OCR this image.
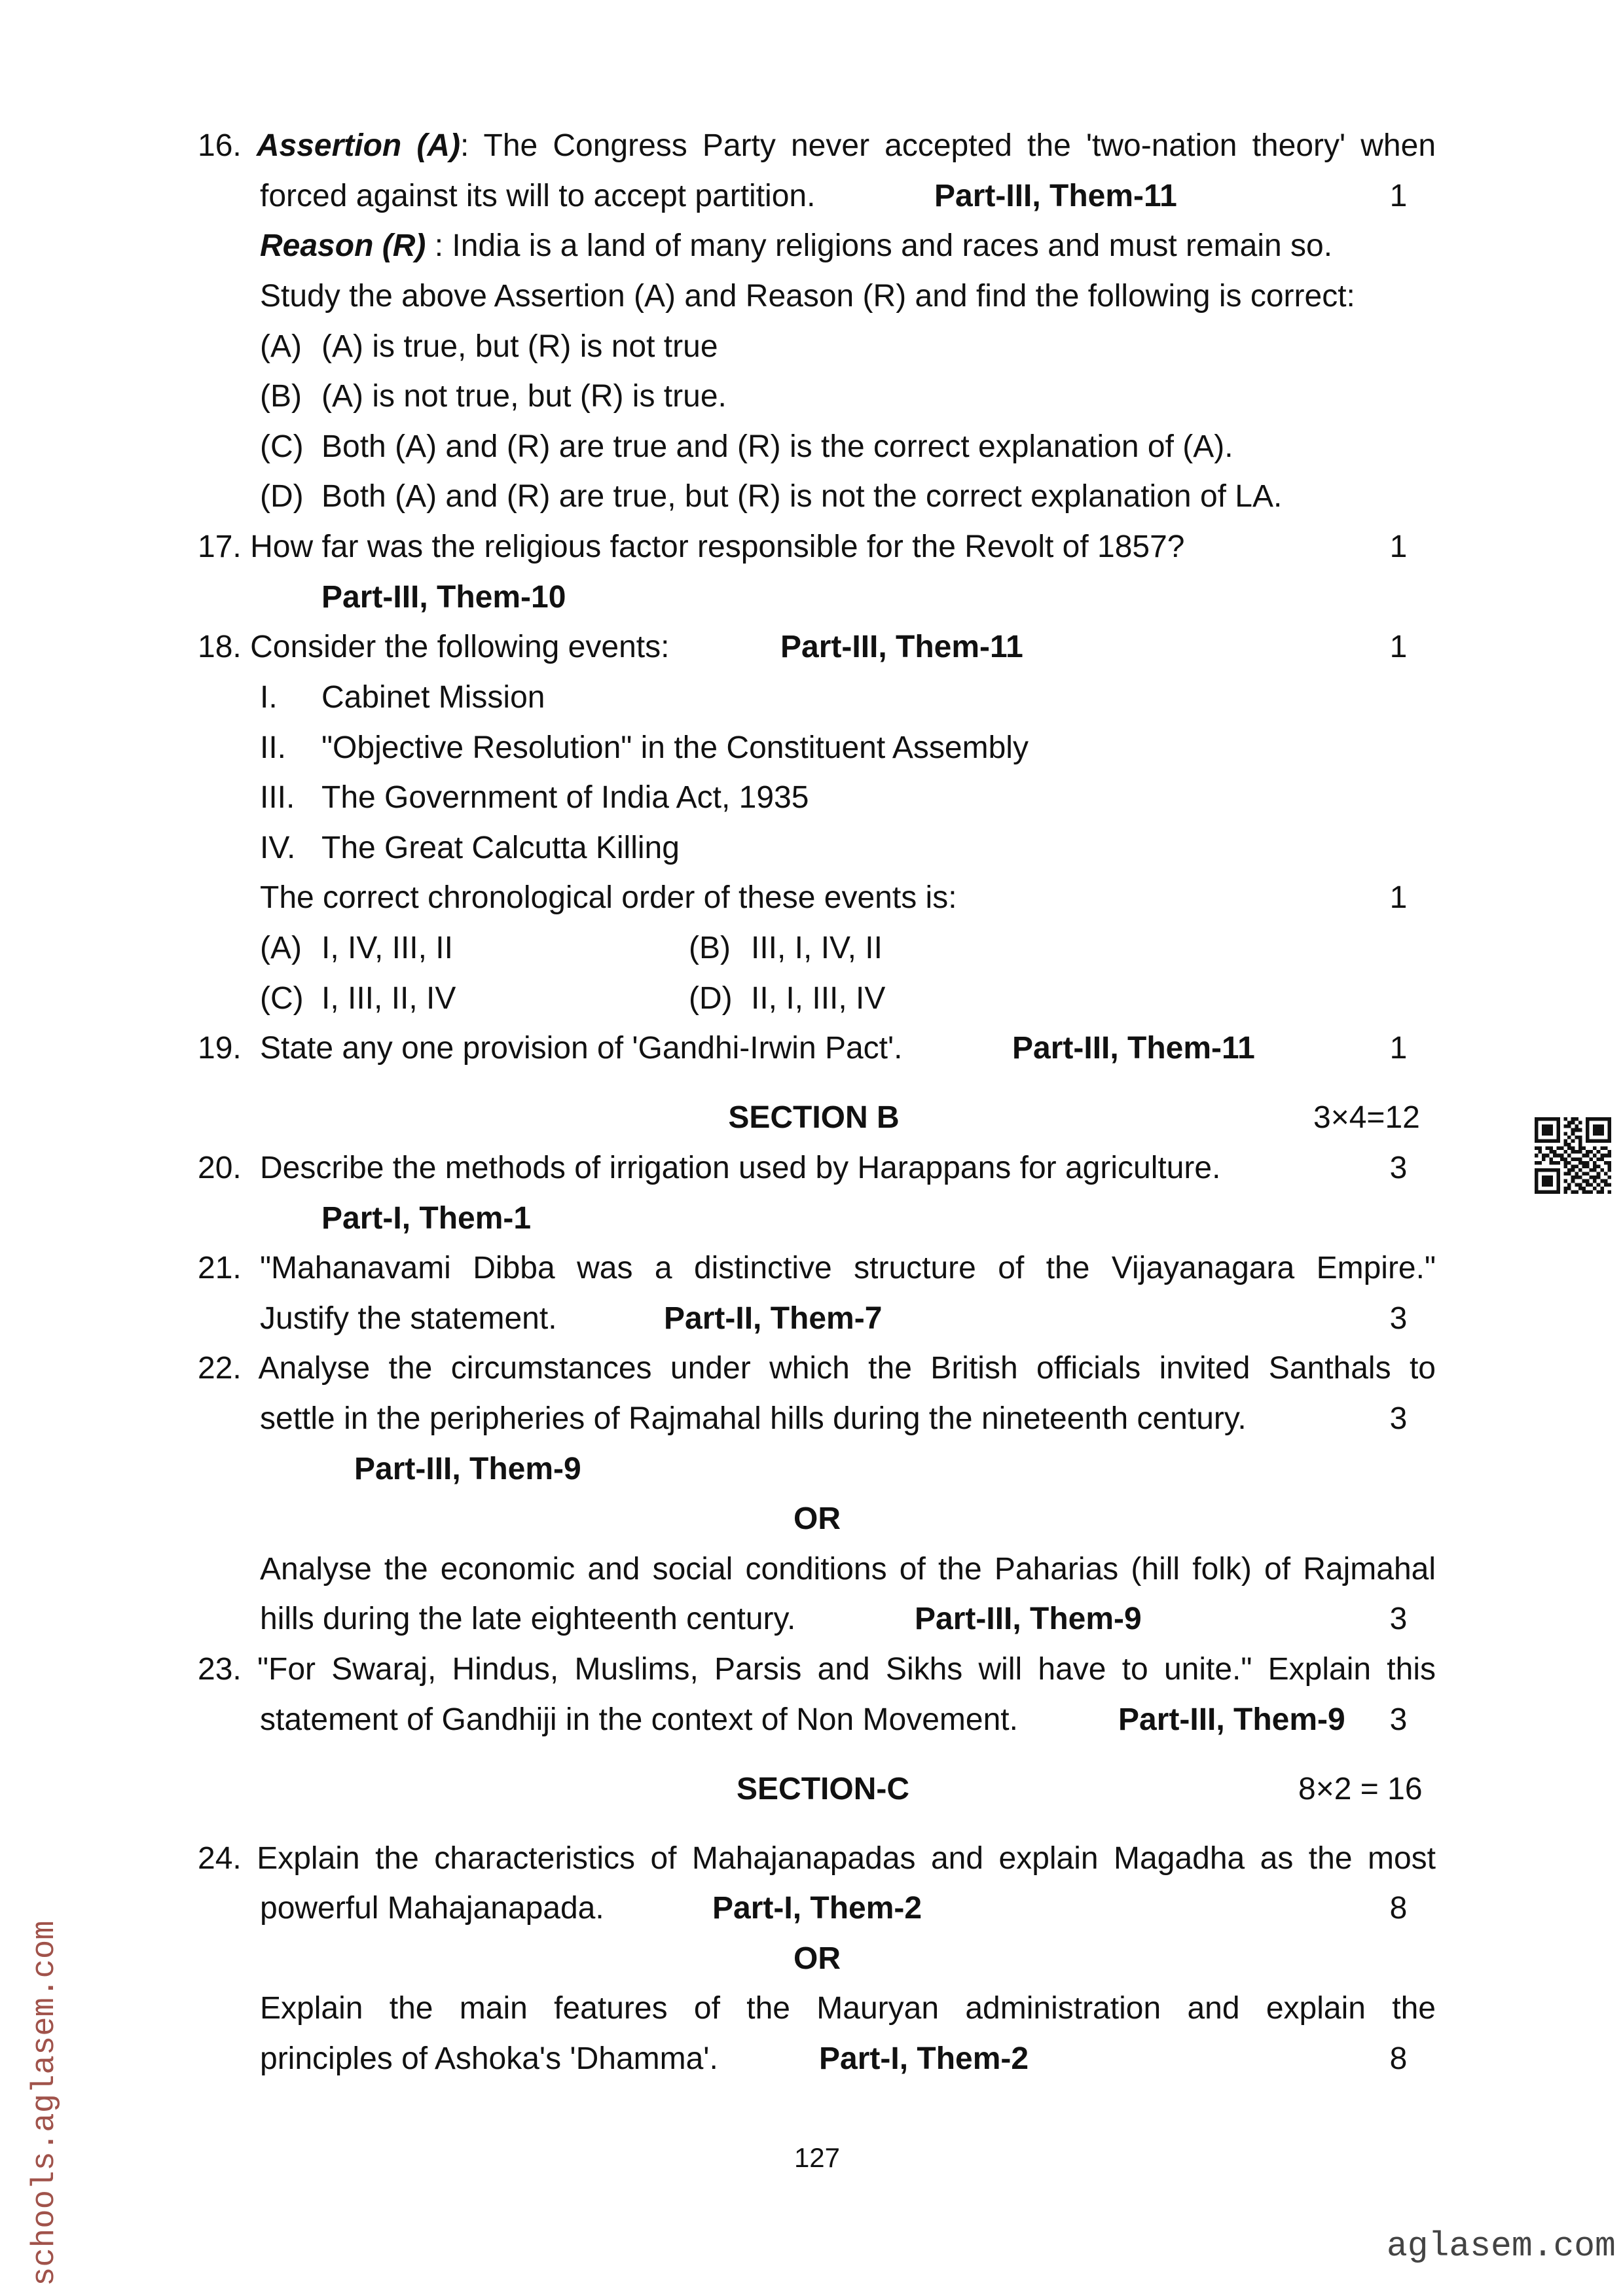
16. Assertion (A): The Congress Party never accepted the 'two-nation theory' when
forced against its will to accept partition.	Part-III, Them-11	1
Reason (R) : India is a land of many religions and races and must remain so.
Study the above Assertion (A) and Reason (R) and find the following is correct:
(A) (A) is true, but (R) is not true
(B) (A) is not true, but (R) is true.
(C) Both (A) and (R) are true and (R) is the correct explanation of (A).
(D) Both (A) and (R) are true, but (R) is not the correct explanation of LA.
17. How far was the religious factor responsible for the Revolt of 1857?	1
Part-III, Them-10
18. Consider the following events:	Part-III, Them-11	1
I. Cabinet Mission
II. "Objective Resolution" in the Constituent Assembly
III. The Government of India Act, 1935
IV. The Great Calcutta Killing
The correct chronological order of these events is:	1
(A) I, IV, III, II	(B) III, I, IV, II
(C) I, III, II, IV	(D) II, I, III, IV
19. State any one provision of 'Gandhi-Irwin Pact'.	Part-III, Them-11	1
SECTION B	3×4=12
20. Describe the methods of irrigation used by Harappans for agriculture.	3
Part-I, Them-1
21. "Mahanavami Dibba was a distinctive structure of the Vijayanagara Empire."
Justify the statement.	Part-II, Them-7	3
22. Analyse the circumstances under which the British officials invited Santhals to
settle in the peripheries of Rajmahal hills during the nineteenth century.	3
Part-III, Them-9
OR
Analyse the economic and social conditions of the Paharias (hill folk) of Rajmahal
hills during the late eighteenth century.	Part-III, Them-9	3
23. "For Swaraj, Hindus, Muslims, Parsis and Sikhs will have to unite." Explain this
statement of Gandhiji in the context of Non Movement.	Part-III, Them-9	3
SECTION-C	8×2 = 16
24. Explain the characteristics of Mahajanapadas and explain Magadha as the most
powerful Mahajanapada.	Part-I, Them-2	8
OR
Explain the main features of the Mauryan administration and explain the
principles of Ashoka's 'Dhamma'.	Part-I, Them-2	8
127
schools.aglasem.com	aglasem.com
